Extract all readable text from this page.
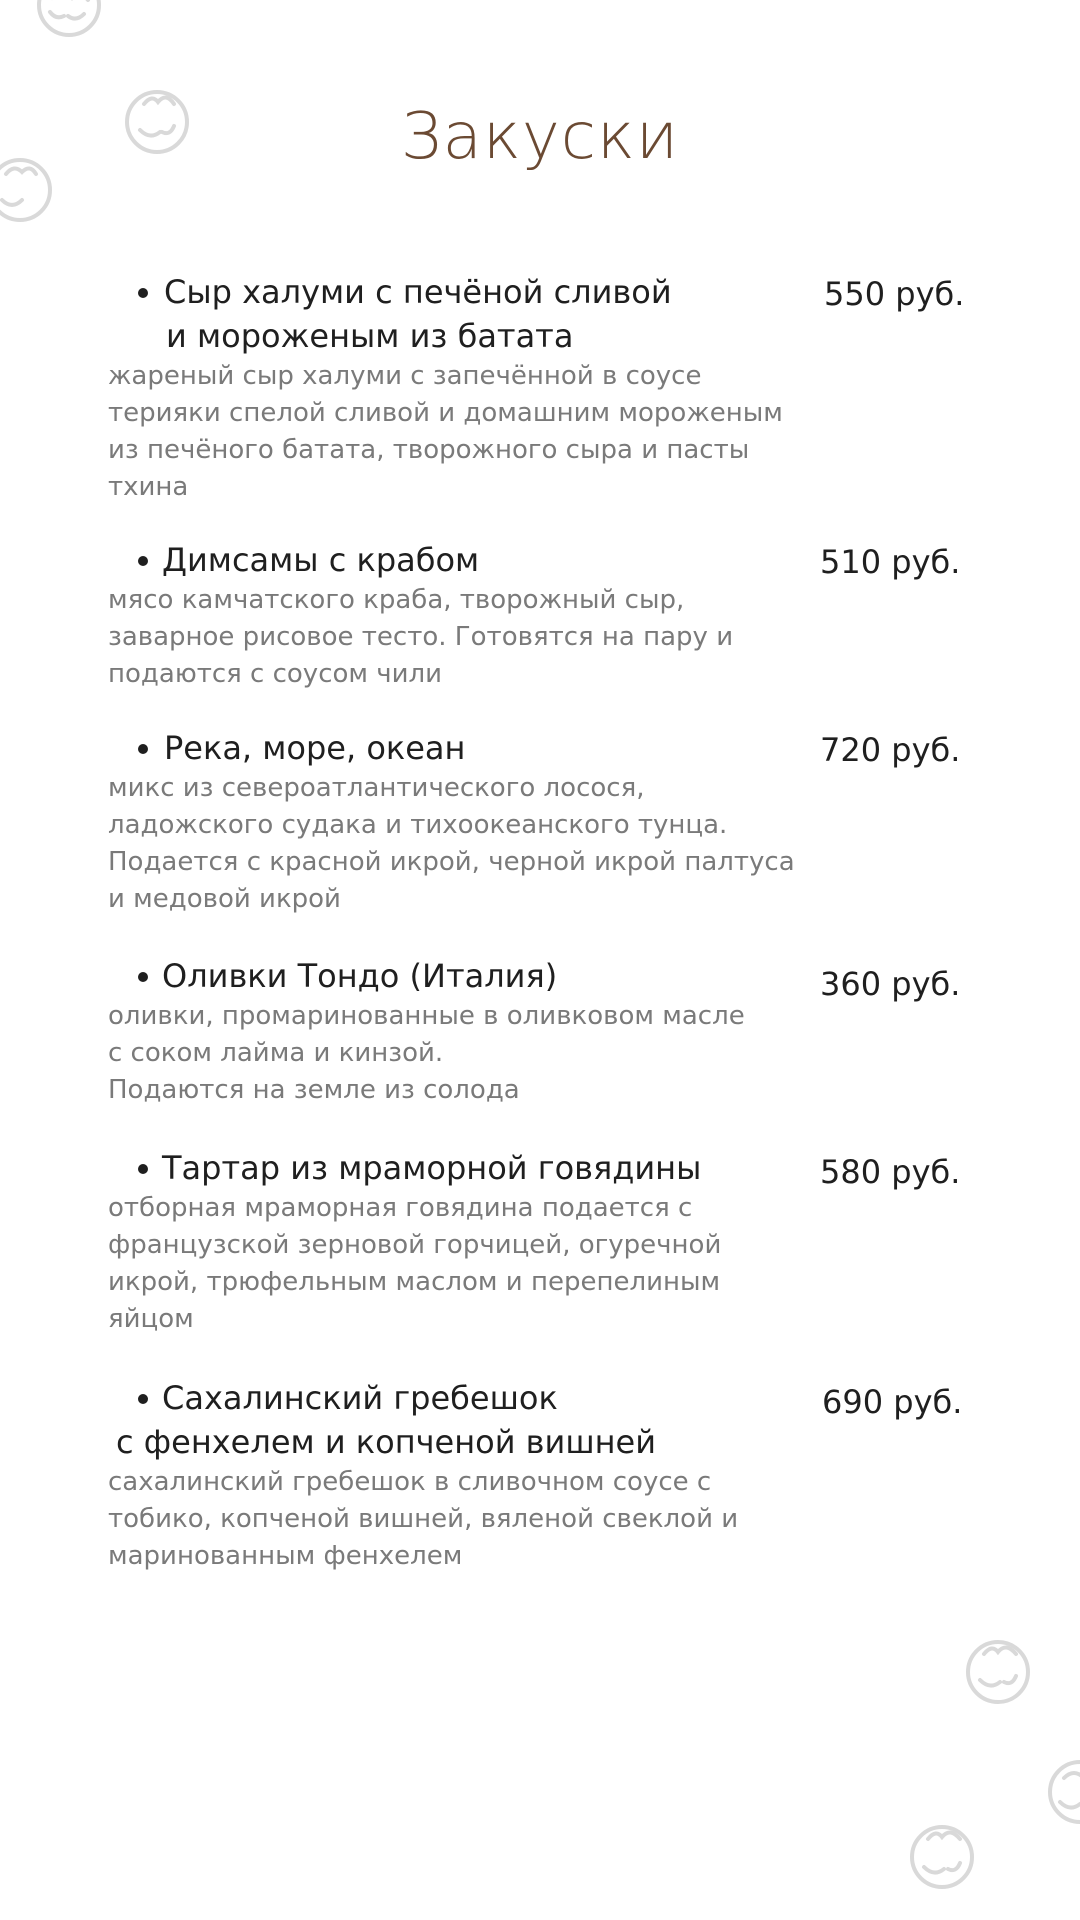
Закуски
Сыр халуми с печёной сливой
и мороженым из батата
550 руб.
жареный сыр халуми с запечённой в соусе
терияки спелой сливой и домашним мороженым
из печёного батата, творожного сыра и пасты
тхина
Димсамы с крабом	510 руб.
мясо камчатского краба, творожный сыр,
заварное рисовое тесто. Готовятся на пару и
подаются с соусом чили
Река, море, океан	720 руб.
микс из североатлантического лосося,
ладожского судака и тихоокеанского тунца.
Подается с красной икрой, черной икрой палтуса
и медовой икрой
Оливки Тондо (Италия)	360 руб.
оливки, промаринованные в оливковом масле
с соком лайма и кинзой.
Подаются на земле из солода
Тартар из мраморной говядины	580 руб.
отборная мраморная говядина подается с
французской зерновой горчицей, огуречной
икрой, трюфельным маслом и перепелиным
яйцом
Сахалинский гребешок
с фенхелем и копченой вишней
690 руб.
сахалинский гребешок в сливочном соусе с
тобико, копченой вишней, вяленой свеклой и
маринованным фенхелем
